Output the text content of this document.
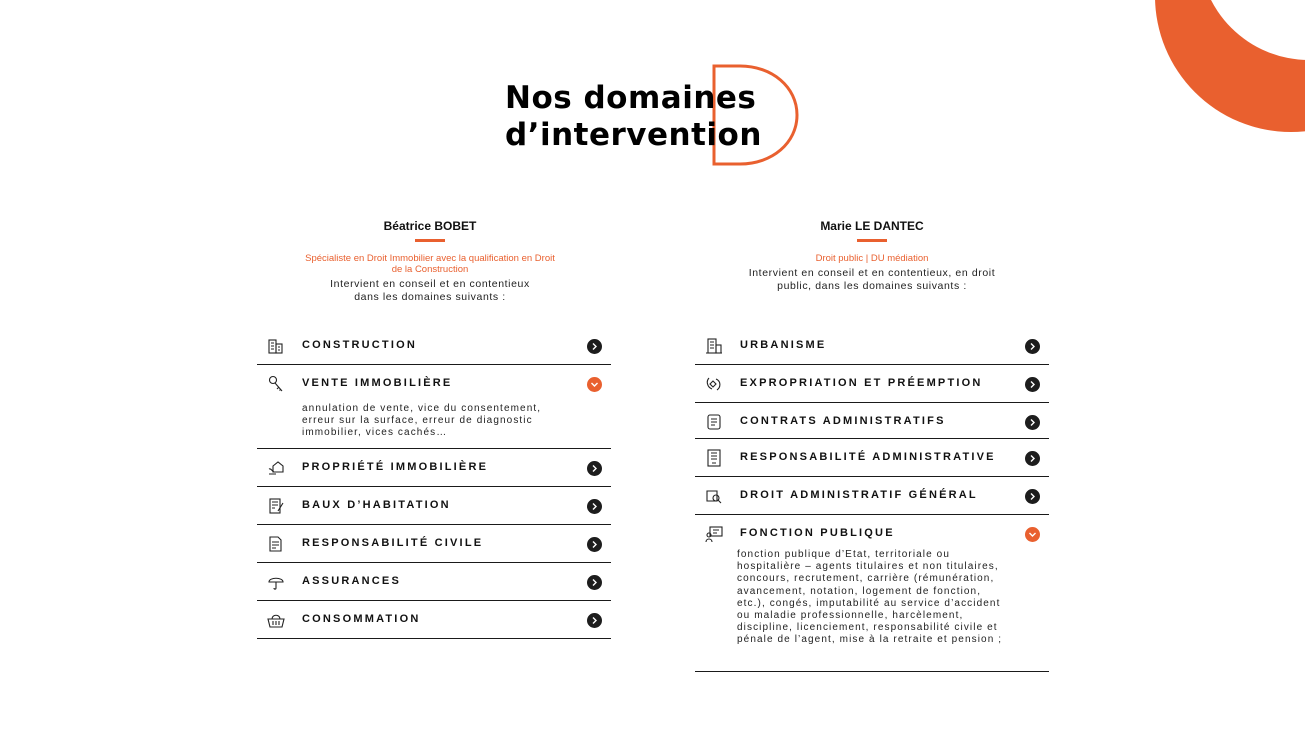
Nos domaines
d’intervention
Béatrice BOBET
Spécialiste en Droit Immobilier avec la qualification en Droit
de la Construction
Intervient en conseil et en contentieux
dans les domaines suivants :
Marie LE DANTEC
Droit public | DU médiation
Intervient en conseil et en contentieux, en droit
public, dans les domaines suivants :
CONSTRUCTION
VENTE IMMOBILIÈRE
annulation de vente, vice du consentement,
erreur sur la surface, erreur de diagnostic
immobilier, vices cachés…
PROPRIÉTÉ IMMOBILIÈRE
BAUX D’HABITATION
RESPONSABILITÉ CIVILE
ASSURANCES
CONSOMMATION
URBANISME
EXPROPRIATION ET PRÉEMPTION
CONTRATS ADMINISTRATIFS
RESPONSABILITÉ ADMINISTRATIVE
DROIT ADMINISTRATIF GÉNÉRAL
FONCTION PUBLIQUE
fonction publique d’Etat, territoriale ou
hospitalière – agents titulaires et non titulaires,
concours, recrutement, carrière (rémunération,
avancement, notation, logement de fonction,
etc.), congés, imputabilité au service d’accident
ou maladie professionnelle, harcèlement,
discipline, licenciement, responsabilité civile et
pénale de l’agent, mise à la retraite et pension ;
